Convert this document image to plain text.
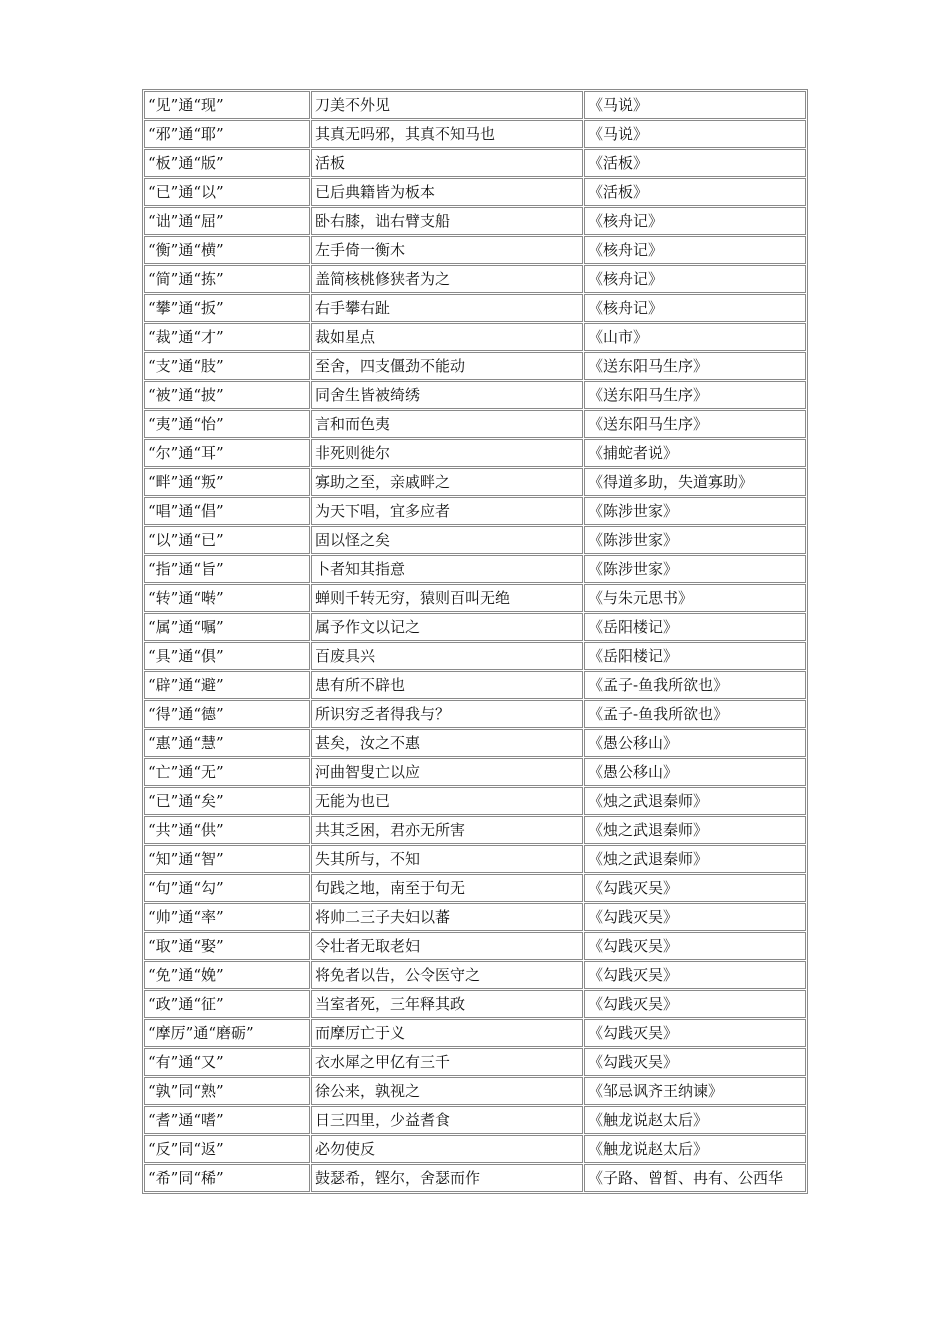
“见”通“现”	刀美不外见	《马说》
“邪”通“耶”	其真无吗邪，其真不知马也	《马说》
“板”通“版”	活板	《活板》
“已”通“以”	已后典籍皆为板本	《活板》
“诎”通“屈”	卧右膝，诎右臂支船	《核舟记》
“衡”通“横”	左手倚一衡木	《核舟记》
“简”通“拣”	盖简核桃修狭者为之	《核舟记》
“攀”通“扳”	右手攀右趾	《核舟记》
“裁”通“才”	裁如星点	《山市》
“支”通“肢”	至舍，四支僵劲不能动	《送东阳马生序》
“被”通“披”	同舍生皆被绮绣	《送东阳马生序》
“夷”通“怡”	言和而色夷	《送东阳马生序》
“尔”通“耳”	非死则徙尔	《捕蛇者说》
“畔”通“叛”	寡助之至，亲戚畔之	《得道多助，失道寡助》
“唱”通“倡”	为天下唱，宜多应者	《陈涉世家》
“以”通“已”	固以怪之矣	《陈涉世家》
“指”通“旨”	卜者知其指意	《陈涉世家》
“转”通“啭”	蝉则千转无穷，猿则百叫无绝	《与朱元思书》
“属”通“嘱”	属予作文以记之	《岳阳楼记》
“具”通“俱”	百废具兴	《岳阳楼记》
“辟”通“避”	患有所不辟也	《孟子-鱼我所欲也》
“得”通“德”	所识穷乏者得我与？	《孟子-鱼我所欲也》
“惠”通“慧”	甚矣，汝之不惠	《愚公移山》
“亡”通“无”	河曲智叟亡以应	《愚公移山》
“已”通“矣”	无能为也已	《烛之武退秦师》
“共”通“供”	共其乏困，君亦无所害	《烛之武退秦师》
“知”通“智”	失其所与，不知	《烛之武退秦师》
“句”通“勾”	句践之地，南至于句无	《勾践灭吴》
“帅”通“率”	将帅二三子夫妇以蕃	《勾践灭吴》
“取”通“娶”	令壮者无取老妇	《勾践灭吴》
“免”通“娩”	将免者以告，公令医守之	《勾践灭吴》
“政”通“征”	当室者死，三年释其政	《勾践灭吴》
“摩厉”通“磨砺”	而摩厉亡于义	《勾践灭吴》
“有”通“又”	衣水犀之甲亿有三千	《勾践灭吴》
“孰”同“熟”	徐公来，孰视之	《邹忌讽齐王纳谏》
“耆”通“嗜”	日三四里，少益耆食	《触龙说赵太后》
“反”同“返”	必勿使反	《触龙说赵太后》
“希”同“稀”	鼓瑟希，铿尔，舍瑟而作	《子路、曾皙、冉有、公西华
